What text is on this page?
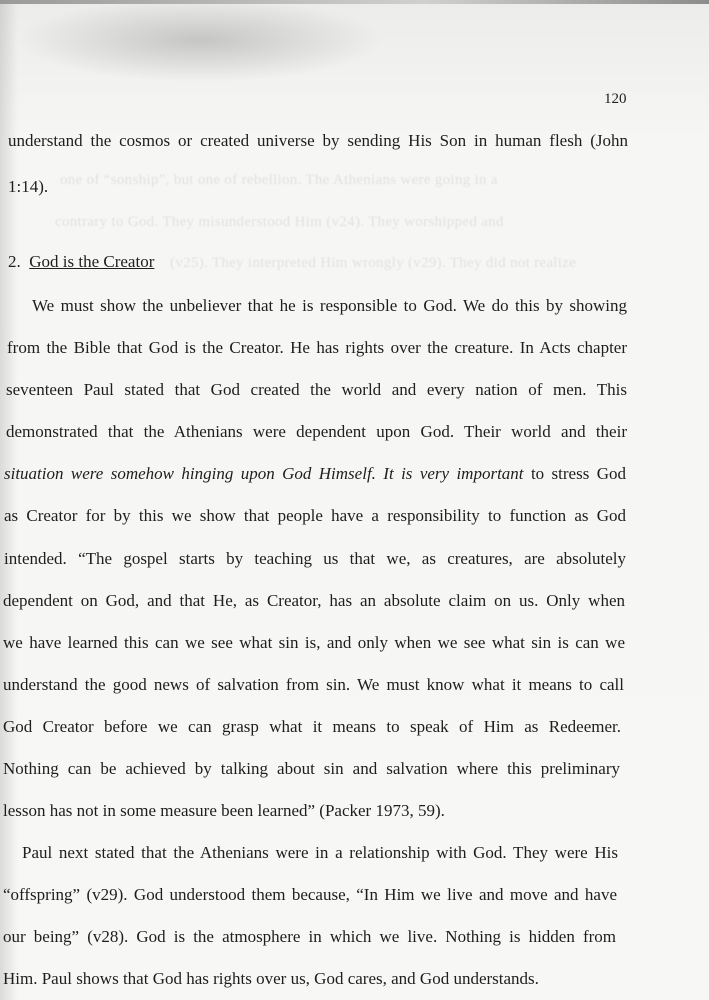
one of “sonship”, but one of rebellion. The Athenians were going in a
contrary to God. They misunderstood Him (v24). They worshipped and
(v25). They interpreted Him wrongly (v29). They did not realize
120
understand the cosmos or created universe by sending His Son in human flesh (John
1:14).
2. God is the Creator
We must show the unbeliever that he is responsible to God. We do this by showing
from the Bible that God is the Creator. He has rights over the creature. In Acts chapter
seventeen Paul stated that God created the world and every nation of men. This
demonstrated that the Athenians were dependent upon God. Their world and their
situation were somehow hinging upon God Himself. It is very important to stress God
as Creator for by this we show that people have a responsibility to function as God
intended. “The gospel starts by teaching us that we, as creatures, are absolutely
dependent on God, and that He, as Creator, has an absolute claim on us. Only when
we have learned this can we see what sin is, and only when we see what sin is can we
understand the good news of salvation from sin. We must know what it means to call
God Creator before we can grasp what it means to speak of Him as Redeemer.
Nothing can be achieved by talking about sin and salvation where this preliminary
lesson has not in some measure been learned” (Packer 1973, 59).
Paul next stated that the Athenians were in a relationship with God. They were His
“offspring” (v29). God understood them because, “In Him we live and move and have
our being” (v28). God is the atmosphere in which we live. Nothing is hidden from
Him. Paul shows that God has rights over us, God cares, and God understands.
